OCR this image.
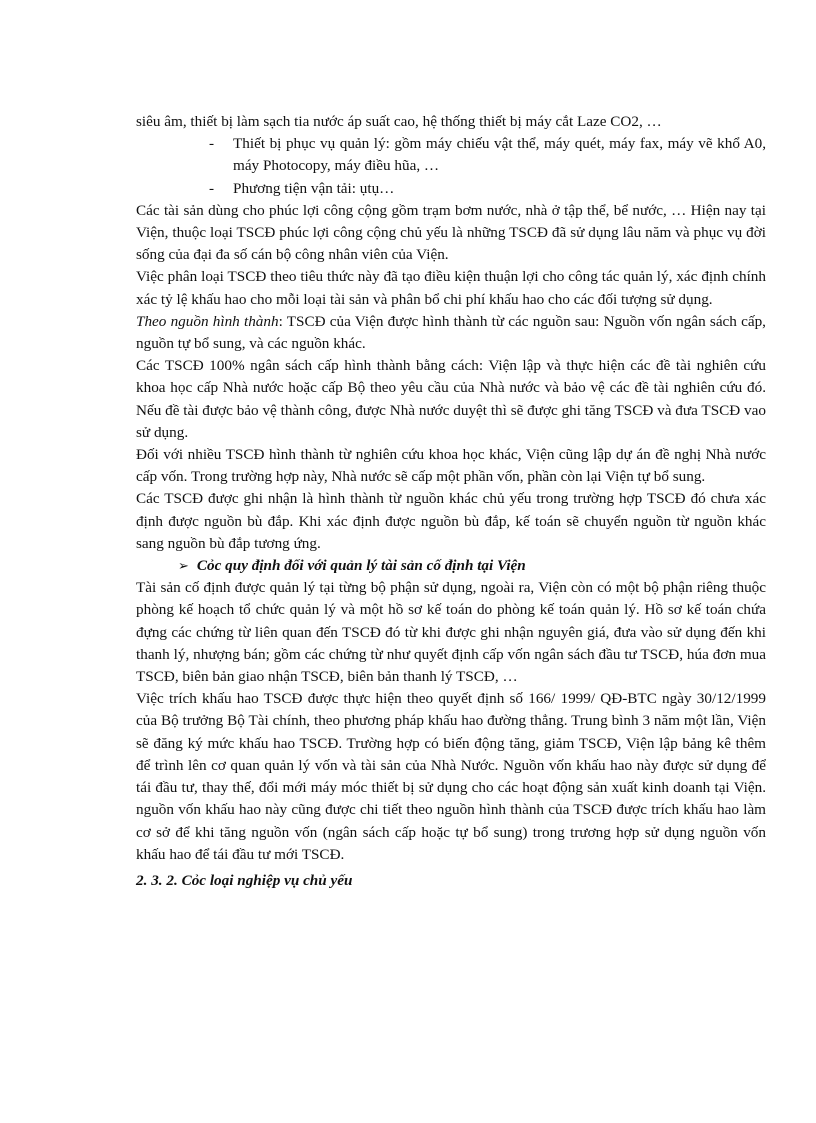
siêu âm, thiết bị làm sạch tia nước áp suất cao, hệ thống thiết bị máy cắt Laze CO2, …

- Thiết bị phục vụ quản lý: gồm máy chiếu vật thể, máy quét, máy fax, máy vẽ khổ A0, máy Photocopy, máy điều hũa, …

- Phương tiện vận tải: ụtụ…

Các tài sản dùng cho phúc lợi công cộng gồm trạm bơm nước, nhà ở tập thể, bể nước, … Hiện nay tại Viện, thuộc loại TSCĐ phúc lợi công cộng chủ yếu là những TSCĐ đã sử dụng lâu năm và phục vụ đời sống của đại đa số cán bộ công nhân viên của Viện.

Việc phân loại TSCĐ theo tiêu thức này đã tạo điều kiện thuận lợi cho công tác quản lý, xác định chính xác tỷ lệ khấu hao cho mỗi loại tài sản và phân bổ chi phí khấu hao cho các đối tượng sử dụng.

Theo nguồn hình thành: TSCĐ của Viện được hình thành từ các nguồn sau: Nguồn vốn ngân sách cấp, nguồn tự bổ sung, và các nguồn khác.

Các TSCĐ 100% ngân sách cấp hình thành bằng cách: Viện lập và thực hiện các đề tài nghiên cứu khoa học cấp Nhà nước hoặc cấp Bộ theo yêu cầu của Nhà nước và bảo vệ các đề tài nghiên cứu đó. Nếu đề tài được bảo vệ thành công, được Nhà nước duyệt thì sẽ được ghi tăng TSCĐ và đưa TSCĐ vao sử dụng.

Đối với nhiều TSCĐ hình thành từ nghiên cứu khoa học khác, Viện cũng lập dự án đề nghị Nhà nước cấp vốn. Trong trường hợp này, Nhà nước sẽ cấp một phần vốn, phần còn lại Viện tự bổ sung.

Các TSCĐ được ghi nhận là hình thành từ nguồn khác chủ yếu trong trường hợp TSCĐ đó chưa xác định được nguồn bù đắp. Khi xác định được nguồn bù đắp, kế toán sẽ chuyển nguồn từ nguồn khác sang nguồn bù đắp tương ứng.

➢ Cỏc quy định đối với quản lý tài sản cố định tại Viện

Tài sản cố định được quản lý tại từng bộ phận sử dụng, ngoài ra, Viện còn có một bộ phận riêng thuộc phòng kế hoạch tổ chức quản lý và một hồ sơ kế toán do phòng kế toán quản lý. Hồ sơ kế toán chứa đựng các chứng từ liên quan đến TSCĐ đó từ khi được ghi nhận nguyên giá, đưa vào sử dụng đến khi thanh lý, nhượng bán; gồm các chứng từ như quyết định cấp vốn ngân sách đầu tư TSCĐ, húa đơn mua TSCĐ, biên bản giao nhận TSCĐ, biên bản thanh lý TSCĐ, …

Việc trích khấu hao TSCĐ được thực hiện theo quyết định số 166/ 1999/ QĐ-BTC ngày 30/12/1999 của Bộ trưởng Bộ Tài chính, theo phương pháp khấu hao đường thẳng. Trung bình 3 năm một lần, Viện sẽ đăng ký mức khấu hao TSCĐ. Trường hợp có biến động tăng, giảm TSCĐ, Viện lập bảng kê thêm để trình lên cơ quan quản lý vốn và tài sản của Nhà Nước. Nguồn vốn khấu hao này được sử dụng để tái đầu tư, thay thế, đổi mới máy móc thiết bị sử dụng cho các hoạt động sản xuất kinh doanh tại Viện. nguồn vốn khấu hao này cũng được chi tiết theo nguồn hình thành của TSCĐ được trích khấu hao làm cơ sở để khi tăng nguồn vốn (ngân sách cấp hoặc tự bổ sung) trong trương hợp sử dụng nguồn vốn khấu hao để tái đầu tư mới TSCĐ.

2. 3. 2. Cỏc loại nghiệp vụ chủ yếu
